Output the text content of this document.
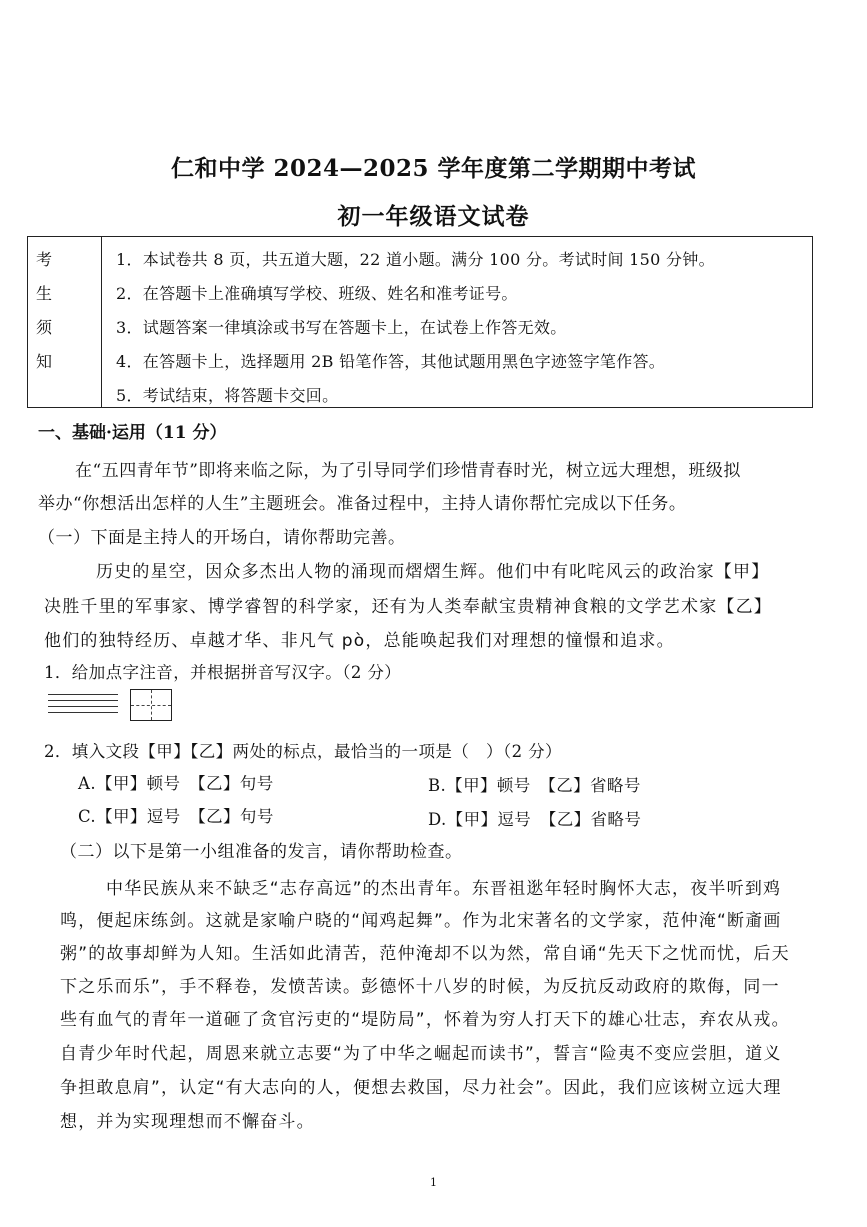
仁和中学 2024—2025 学年度第二学期期中考试
初一年级语文试卷
考
生
须
知
1．本试卷共 8 页，共五道大题，22 道小题。满分 100 分。考试时间 150 分钟。
2．在答题卡上准确填写学校、班级、姓名和准考证号。
3．试题答案一律填涂或书写在答题卡上，在试卷上作答无效。
4．在答题卡上，选择题用 2B 铅笔作答，其他试题用黑色字迹签字笔作答。
5．考试结束，将答题卡交回。
一、基础·运用（11 分）
在“五四青年节”即将来临之际，为了引导同学们珍惜青春时光，树立远大理想，班级拟
举办“你想活出怎样的人生”主题班会。准备过程中，主持人请你帮忙完成以下任务。
（一）下面是主持人的开场白，请你帮助完善。
历史的星空，因众多杰出人物的涌现而熠熠生辉。他们中有叱咤风云的政治家【甲】
决胜千里的军事家、博学睿智的科学家，还有为人类奉献宝贵精神食粮的文学艺术家【乙】
他们的独特经历、卓越才华、非凡气 pò，总能唤起我们对理想的憧憬和追求。
1．给加点字注音，并根据拼音写汉字。（2 分）
2．填入文段【甲】【乙】两处的标点，最恰当的一项是（　）（2 分）
A.【甲】顿号　【乙】句号	B.【甲】顿号　【乙】省略号
C.【甲】逗号　【乙】句号	D.【甲】逗号　【乙】省略号
（二）以下是第一小组准备的发言，请你帮助检查。
中华民族从来不缺乏“志存高远”的杰出青年。东晋祖逖年轻时胸怀大志，夜半听到鸡
鸣，便起床练剑。这就是家喻户晓的“闻鸡起舞”。作为北宋著名的文学家，范仲淹“断齑画
粥”的故事却鲜为人知。生活如此清苦，范仲淹却不以为然，常自诵“先天下之忧而忧，后天
下之乐而乐”，手不释卷，发愤苦读。彭德怀十八岁的时候，为反抗反动政府的欺侮，同一
些有血气的青年一道砸了贪官污吏的“堤防局”，怀着为穷人打天下的雄心壮志，弃农从戎。
自青少年时代起，周恩来就立志要“为了中华之崛起而读书”，誓言“险夷不变应尝胆，道义
争担敢息肩”，认定“有大志向的人，便想去救国，尽力社会”。因此，我们应该树立远大理
想，并为实现理想而不懈奋斗。
1
